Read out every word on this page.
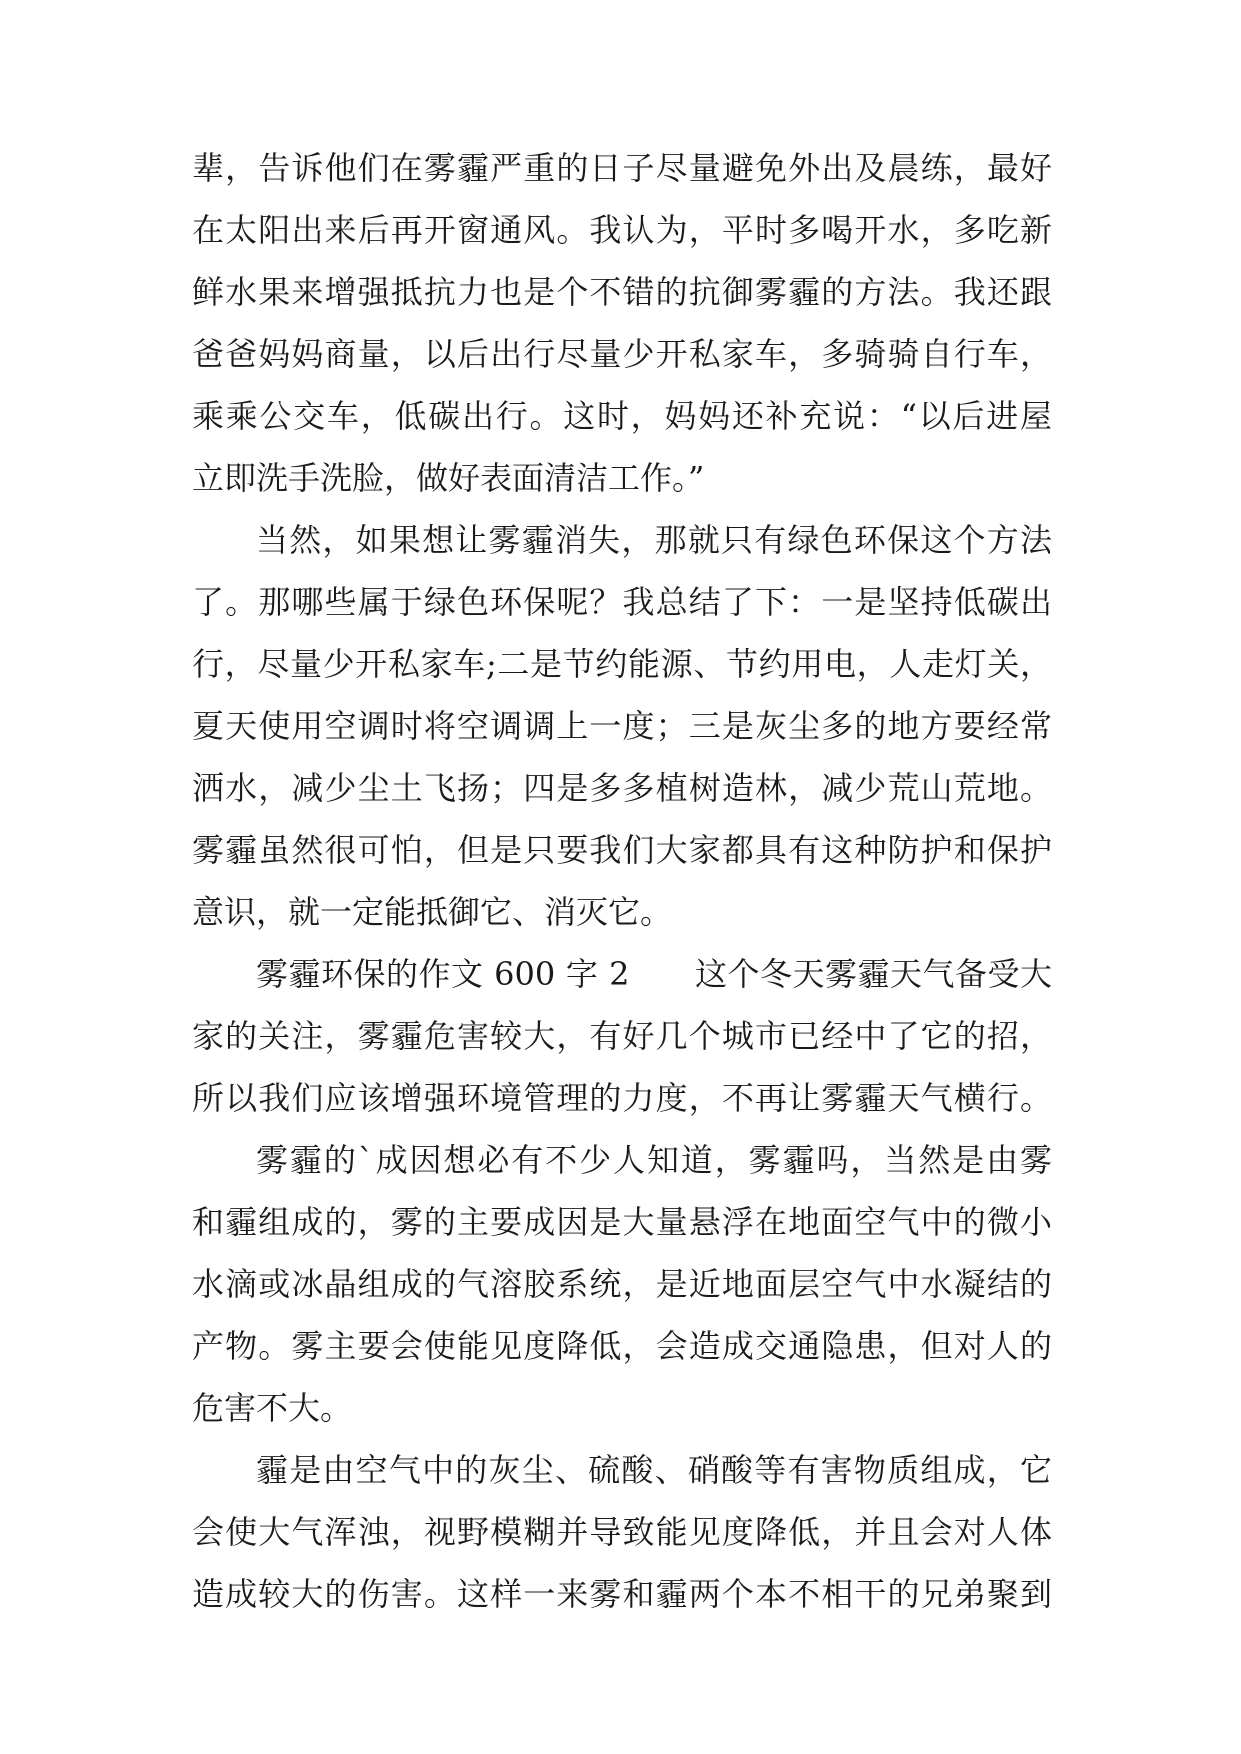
辈，告诉他们在雾霾严重的日子尽量避免外出及晨练，最好
在太阳出来后再开窗通风。我认为，平时多喝开水，多吃新
鲜水果来增强抵抗力也是个不错的抗御雾霾的方法。我还跟
爸爸妈妈商量，以后出行尽量少开私家车，多骑骑自行车，
乘乘公交车，低碳出行。这时，妈妈还补充说：“以后进屋
立即洗手洗脸，做好表面清洁工作。”
当然，如果想让雾霾消失，那就只有绿色环保这个方法
了。那哪些属于绿色环保呢？我总结了下：一是坚持低碳出
行，尽量少开私家车;二是节约能源、节约用电，人走灯关，
夏天使用空调时将空调调上一度；三是灰尘多的地方要经常
洒水，减少尘土飞扬；四是多多植树造林，减少荒山荒地。
雾霾虽然很可怕，但是只要我们大家都具有这种防护和保护
意识，就一定能抵御它、消灭它。
雾霾环保的作文 600 字 2　　这个冬天雾霾天气备受大
家的关注，雾霾危害较大，有好几个城市已经中了它的招，
所以我们应该增强环境管理的力度，不再让雾霾天气横行。
雾霾的`成因想必有不少人知道，雾霾吗，当然是由雾
和霾组成的，雾的主要成因是大量悬浮在地面空气中的微小
水滴或冰晶组成的气溶胶系统，是近地面层空气中水凝结的
产物。雾主要会使能见度降低，会造成交通隐患，但对人的
危害不大。
霾是由空气中的灰尘、硫酸、硝酸等有害物质组成，它
会使大气浑浊，视野模糊并导致能见度降低，并且会对人体
造成较大的伤害。这样一来雾和霾两个本不相干的兄弟聚到
